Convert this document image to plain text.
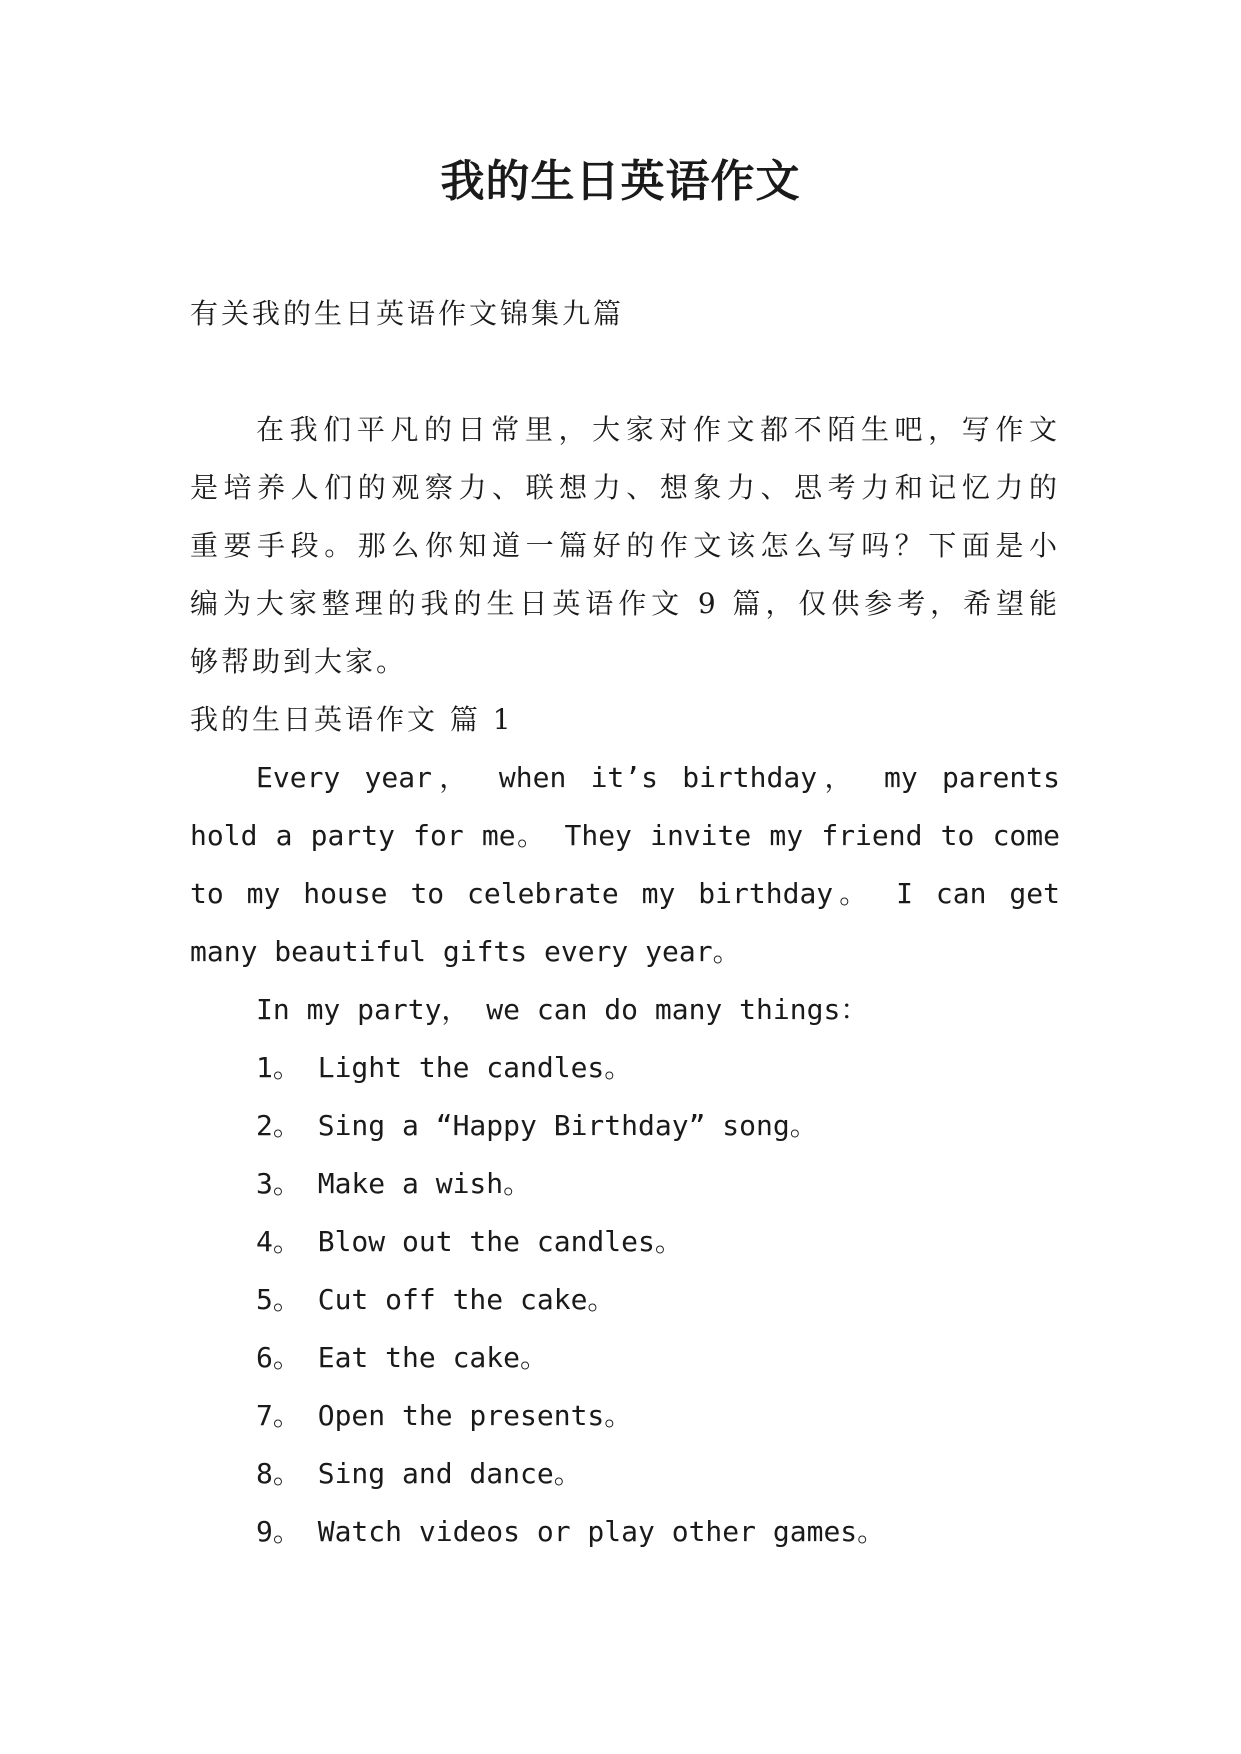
我的生日英语作文
有关我的生日英语作文锦集九篇
在我们平凡的日常里，大家对作文都不陌生吧，写作文
是培养人们的观察力、联想力、想象力、思考力和记忆力的
重要手段。那么你知道一篇好的作文该怎么写吗？下面是小
编为大家整理的我的生日英语作文 9 篇，仅供参考，希望能
够帮助到大家。
我的生日英语作文 篇 1
Every year， when it’s birthday， my parents
hold a party for me。 They invite my friend to come
to my house to celebrate my birthday。 I can get
many beautiful gifts every year。
In my party， we can do many things：
1。 Light the candles。
2。 Sing a “Happy Birthday” song。
3。 Make a wish。
4。 Blow out the candles。
5。 Cut off the cake。
6。 Eat the cake。
7。 Open the presents。
8。 Sing and dance。
9。 Watch videos or play other games。
